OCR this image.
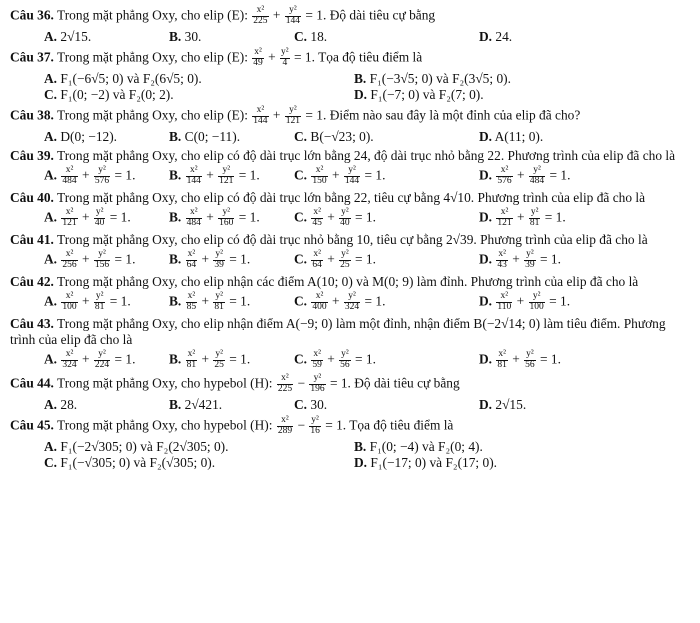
Câu 36. Trong mặt phẳng Oxy, cho elip (E): $\frac{\text{x²}}{225} + \frac{\text{y²}}{144} = 1$. Độ dài tiêu cự bằng
A. 2√15.	B. 30.	C. 18.	D. 24.
Câu 37. Trong mặt phẳng Oxy, cho elip (E): $\frac{\text{x²}}{49} + \frac{\text{y²}}{4} = 1$. Tọa độ tiêu điểm là
A. F₁(−6√5; 0) và F₂(6√5; 0).	B. F₁(−3√5; 0) và F₂(3√5; 0).
C. F₁(0; −2) và F₂(0; 2).	D. F₁(−7; 0) và F₂(7; 0).
Câu 38. Trong mặt phẳng Oxy, cho elip (E): $\frac{\text{x²}}{144} + \frac{\text{y²}}{121} = 1$. Điểm nào sau đây là một đỉnh của elip đã cho?
A. D(0; −12).	B. C(0; −11).	C. B(−√23; 0).	D. A(11; 0).
Câu 39. Trong mặt phẳng Oxy, cho elip có độ dài trục lớn bằng 24, độ dài trục nhỏ bằng 22. Phương trình của elip đã cho là
A. $\frac{\text{x²}}{484} + \frac{\text{y²}}{576} = 1$.	B. $\frac{\text{x²}}{144} + \frac{\text{y²}}{121} = 1$.	C. $\frac{\text{x²}}{150} + \frac{\text{y²}}{144} = 1$.	D. $\frac{\text{x²}}{576} + \frac{\text{y²}}{484} = 1$.
Câu 40. Trong mặt phẳng Oxy, cho elip có độ dài trục lớn bằng 22, tiêu cự bằng 4√10. Phương trình của elip đã cho là
A. $\frac{\text{x²}}{121} + \frac{\text{y²}}{40} = 1$.	B. $\frac{\text{x²}}{484} + \frac{\text{y²}}{160} = 1$.	C. $\frac{\text{x²}}{45} + \frac{\text{y²}}{40} = 1$.	D. $\frac{\text{x²}}{121} + \frac{\text{y²}}{81} = 1$.
Câu 41. Trong mặt phẳng Oxy, cho elip có độ dài trục nhỏ bằng 10, tiêu cự bằng 2√39. Phương trình của elip đã cho là
A. $\frac{\text{x²}}{256} + \frac{\text{y²}}{156} = 1$.	B. $\frac{\text{x²}}{64} + \frac{\text{y²}}{39} = 1$.	C. $\frac{\text{x²}}{64} + \frac{\text{y²}}{25} = 1$.	D. $\frac{\text{x²}}{43} + \frac{\text{y²}}{39} = 1$.
Câu 42. Trong mặt phẳng Oxy, cho elip nhận các điểm A(10; 0) và M(0; 9) làm đỉnh. Phương trình của elip đã cho là
A. $\frac{\text{x²}}{100} + \frac{\text{y²}}{81} = 1$.	B. $\frac{\text{x²}}{85} + \frac{\text{y²}}{81} = 1$.	C. $\frac{\text{x²}}{400} + \frac{\text{y²}}{324} = 1$.	D. $\frac{\text{x²}}{110} + \frac{\text{y²}}{100} = 1$.
Câu 43. Trong mặt phẳng Oxy, cho elip nhận điểm A(−9; 0) làm một đỉnh, nhận điểm B(−2√14; 0) làm tiêu điểm. Phương trình của elip đã cho là
A. $\frac{\text{x²}}{324} + \frac{\text{y²}}{224} = 1$.	B. $\frac{\text{x²}}{81} + \frac{\text{y²}}{25} = 1$.	C. $\frac{\text{x²}}{59} + \frac{\text{y²}}{56} = 1$.	D. $\frac{\text{x²}}{81} + \frac{\text{y²}}{56} = 1$.
Câu 44. Trong mặt phẳng Oxy, cho hypebol (H): $\frac{\text{x²}}{225} - \frac{\text{y²}}{196} = 1$. Độ dài tiêu cự bằng
A. 28.	B. 2√421.	C. 30.	D. 2√15.
Câu 45. Trong mặt phẳng Oxy, cho hypebol (H): $\frac{\text{x²}}{289} - \frac{\text{y²}}{16} = 1$. Tọa độ tiêu điểm là
A. F₁(−2√305; 0) và F₂(2√305; 0).	B. F₁(0; −4) và F₂(0; 4).
C. F₁(−√305; 0) và F₂(√305; 0).	D. F₁(−17; 0) và F₂(17; 0).
